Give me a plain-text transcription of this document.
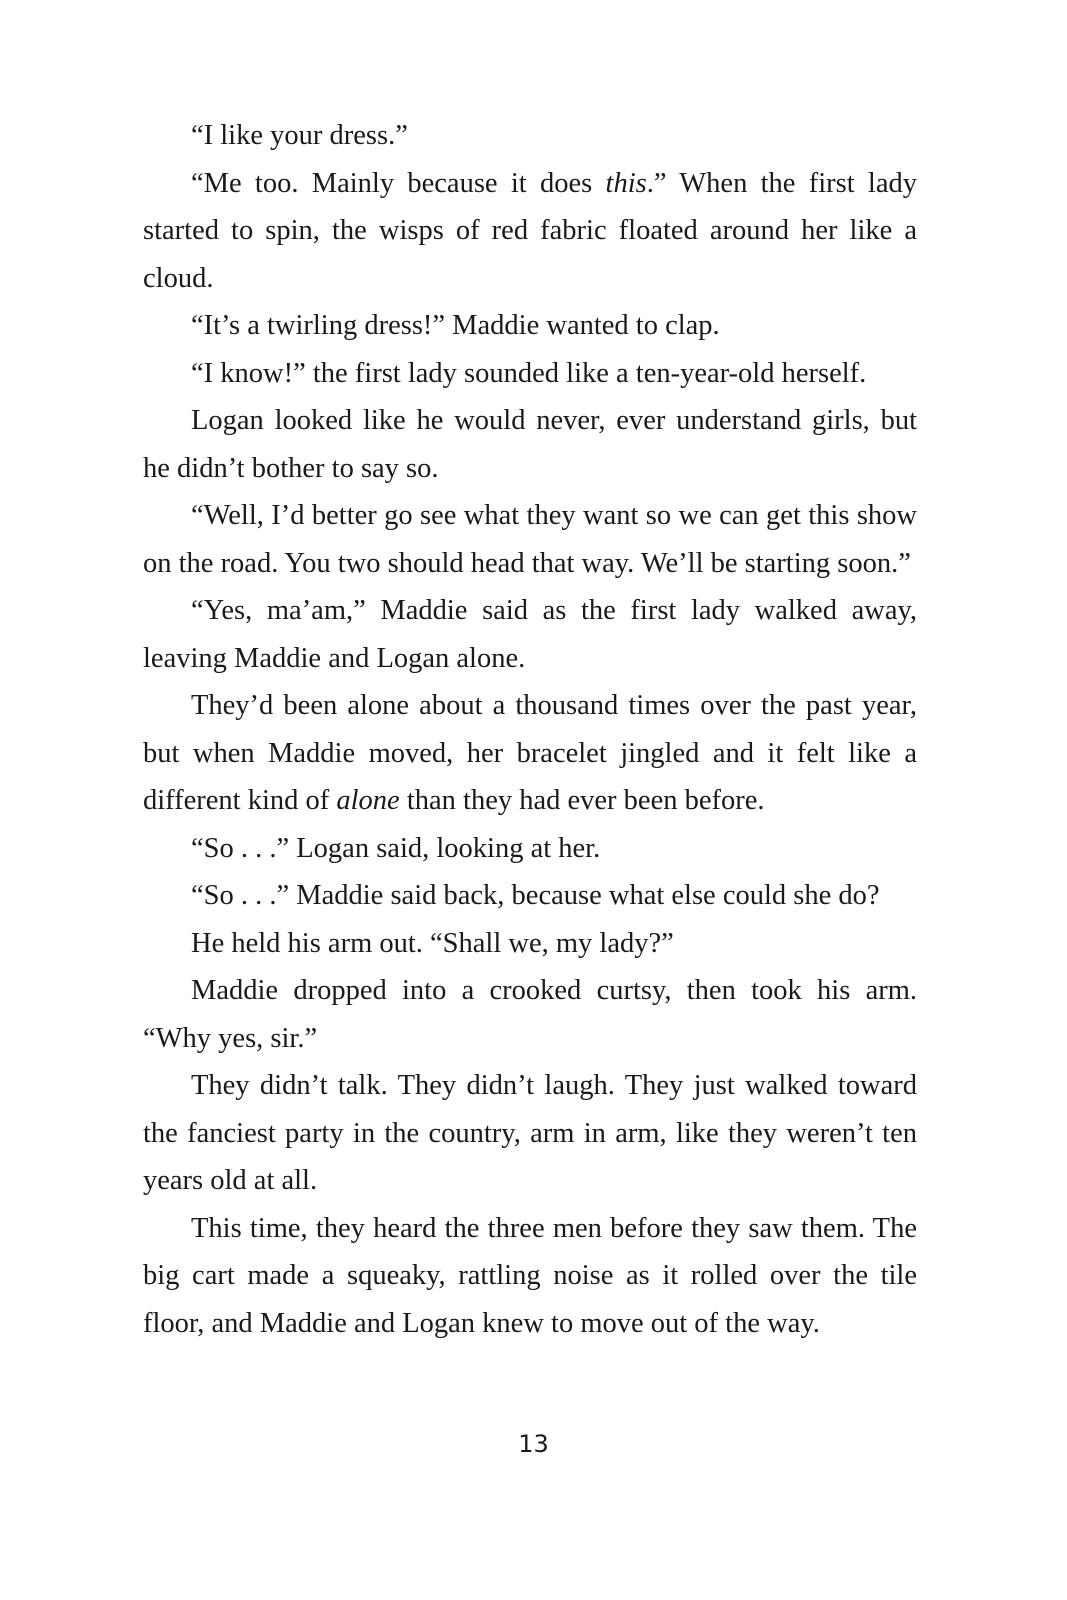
“I like your dress.”

“Me too. Mainly because it does this.” When the first lady started to spin, the wisps of red fabric floated around her like a cloud.

“It’s a twirling dress!” Maddie wanted to clap.

“I know!” the first lady sounded like a ten-year-old herself.

Logan looked like he would never, ever understand girls, but he didn’t bother to say so.

“Well, I’d better go see what they want so we can get this show on the road. You two should head that way. We’ll be starting soon.”

“Yes, ma’am,” Maddie said as the first lady walked away, leaving Maddie and Logan alone.

They’d been alone about a thousand times over the past year, but when Maddie moved, her bracelet jingled and it felt like a different kind of alone than they had ever been before.

“So . . .” Logan said, looking at her.

“So . . .” Maddie said back, because what else could she do?

He held his arm out. “Shall we, my lady?”

Maddie dropped into a crooked curtsy, then took his arm. “Why yes, sir.”

They didn’t talk. They didn’t laugh. They just walked toward the fanciest party in the country, arm in arm, like they weren’t ten years old at all.

This time, they heard the three men before they saw them. The big cart made a squeaky, rattling noise as it rolled over the tile floor, and Maddie and Logan knew to move out of the way.

13
